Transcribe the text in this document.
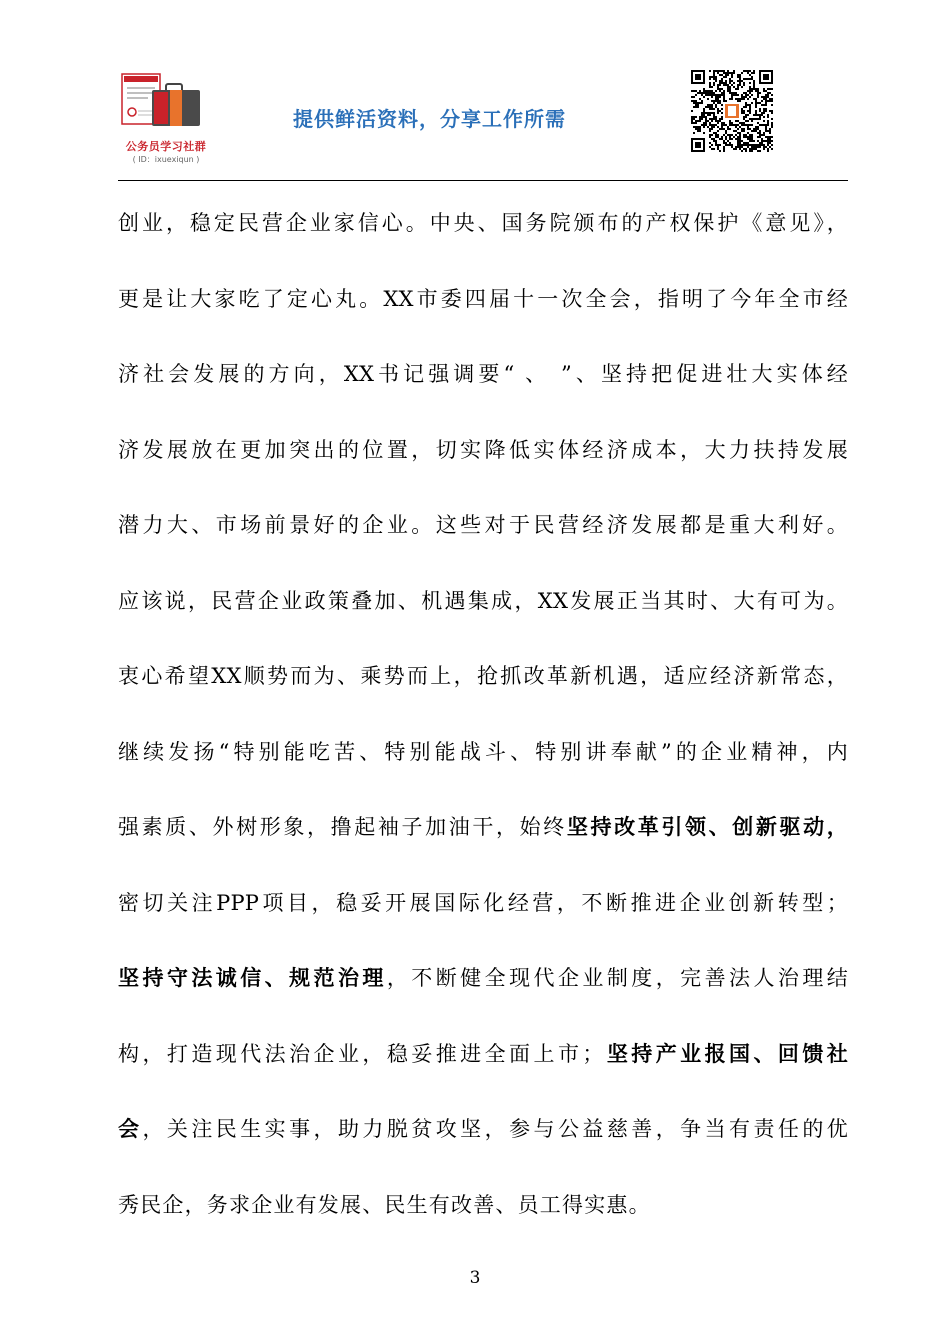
公务员学习社群
( ID：ixuexiqun )
提供鲜活资料，分享工作所需
创业，稳定民营企业家信心。中央、国务院颁布的产权保护《意见》，
更是让大家吃了定心丸。XX市委四届十一次全会，指明了今年全市经
济社会发展的方向，XX书记强调要“ 、 ”、坚持把促进壮大实体经
济发展放在更加突出的位置，切实降低实体经济成本，大力扶持发展
潜力大、市场前景好的企业。这些对于民营经济发展都是重大利好。
应该说，民营企业政策叠加、机遇集成，XX发展正当其时、大有可为。
衷心希望XX顺势而为、乘势而上，抢抓改革新机遇，适应经济新常态，
继续发扬“特别能吃苦、特别能战斗、特别讲奉献”的企业精神，内
强素质、外树形象，撸起袖子加油干，始终坚持改革引领、创新驱动，
密切关注PPP项目，稳妥开展国际化经营，不断推进企业创新转型；
坚持守法诚信、规范治理，不断健全现代企业制度，完善法人治理结
构，打造现代法治企业，稳妥推进全面上市；坚持产业报国、回馈社
会，关注民生实事，助力脱贫攻坚，参与公益慈善，争当有责任的优
秀民企，务求企业有发展、民生有改善、员工得实惠。
3
